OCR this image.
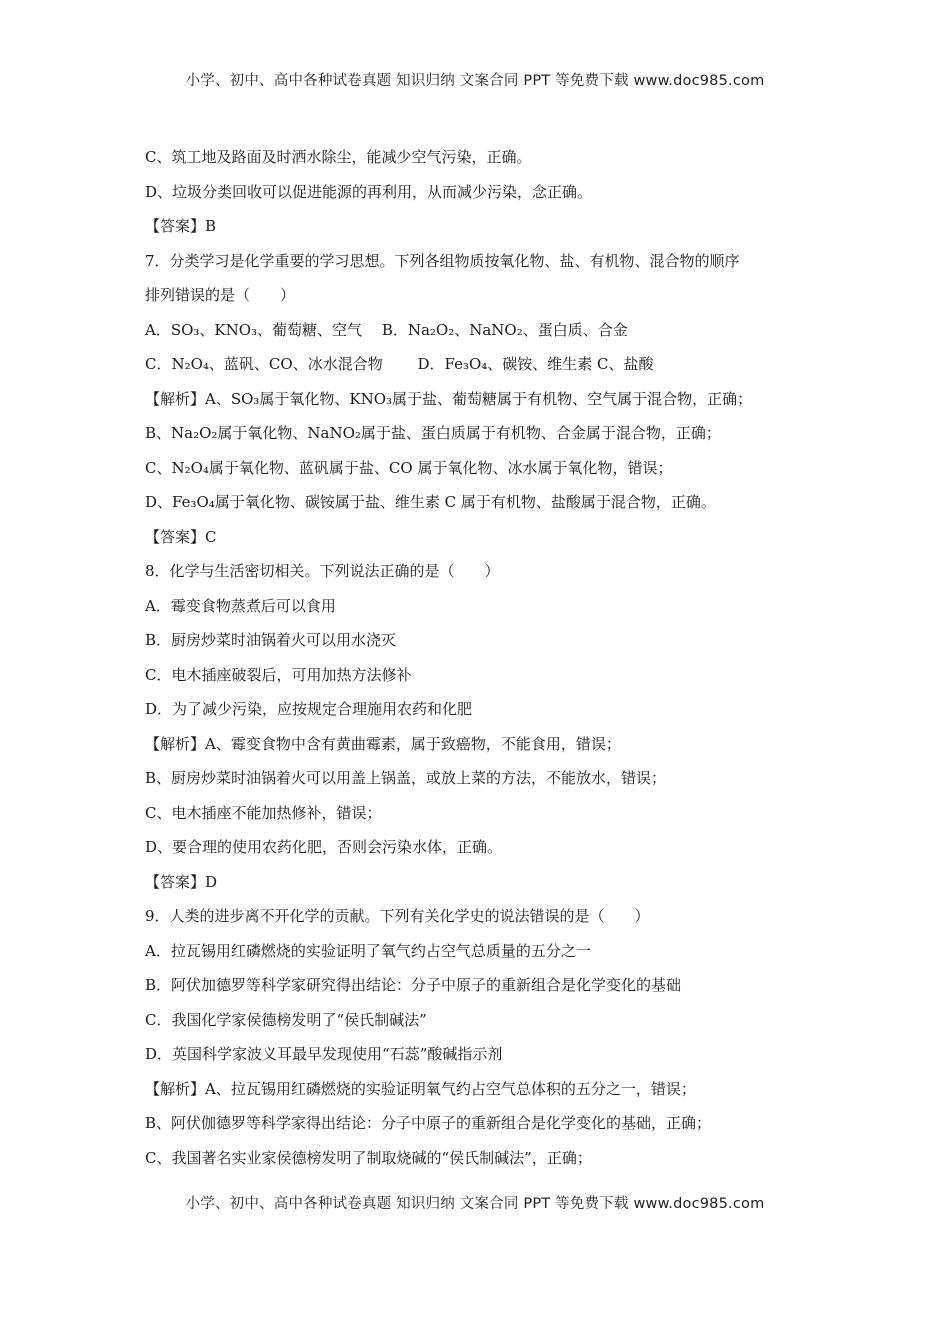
小学、初中、高中各种试卷真题 知识归纳 文案合同 PPT 等免费下载 www.doc985.com
C、筑工地及路面及时洒水除尘，能减少空气污染，正确。
D、垃圾分类回收可以促进能源的再利用，从而减少污染，念正确。
【答案】B
7．分类学习是化学重要的学习思想。下列各组物质按氧化物、盐、有机物、混合物的顺序
排列错误的是（　　）
A．SO₃、KNO₃、葡萄糖、空气　 B．Na₂O₂、NaNO₂、蛋白质、合金
C．N₂O₄、蓝矾、CO、冰水混合物　　 D．Fe₃O₄、碳铵、维生素 C、盐酸
【解析】A、SO₃属于氧化物、KNO₃属于盐、葡萄糖属于有机物、空气属于混合物，正确；
B、Na₂O₂属于氧化物、NaNO₂属于盐、蛋白质属于有机物、合金属于混合物，正确；
C、N₂O₄属于氧化物、蓝矾属于盐、CO 属于氧化物、冰水属于氧化物，错误；
D、Fe₃O₄属于氧化物、碳铵属于盐、维生素 C 属于有机物、盐酸属于混合物，正确。
【答案】C
8．化学与生活密切相关。下列说法正确的是（　　）
A．霉变食物蒸煮后可以食用
B．厨房炒菜时油锅着火可以用水浇灭
C．电木插座破裂后，可用加热方法修补
D．为了减少污染，应按规定合理施用农药和化肥
【解析】A、霉变食物中含有黄曲霉素，属于致癌物，不能食用，错误；
B、厨房炒菜时油锅着火可以用盖上锅盖，或放上菜的方法，不能放水，错误；
C、电木插座不能加热修补，错误；
D、要合理的使用农药化肥，否则会污染水体，正确。
【答案】D
9．人类的进步离不开化学的贡献。下列有关化学史的说法错误的是（　　）
A．拉瓦锡用红磷燃烧的实验证明了氧气约占空气总质量的五分之一
B．阿伏加德罗等科学家研究得出结论：分子中原子的重新组合是化学变化的基础
C．我国化学家侯德榜发明了“侯氏制碱法”
D．英国科学家波义耳最早发现使用“石蕊”酸碱指示剂
【解析】A、拉瓦锡用红磷燃烧的实验证明氧气约占空气总体积的五分之一，错误；
B、阿伏伽德罗等科学家得出结论：分子中原子的重新组合是化学变化的基础，正确；
C、我国著名实业家侯德榜发明了制取烧碱的“侯氏制碱法”，正确；
小学、初中、高中各种试卷真题 知识归纳 文案合同 PPT 等免费下载 www.doc985.com
